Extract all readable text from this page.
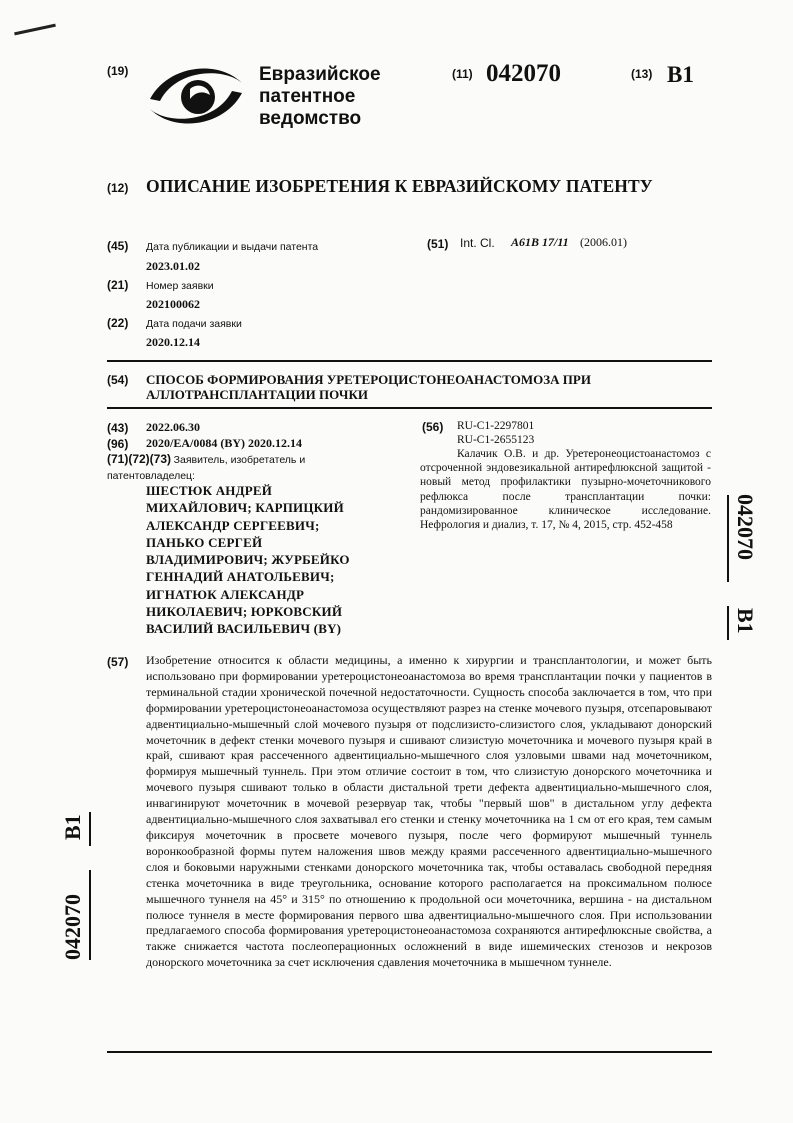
(19)	Евразийское
патентное
ведомство
(11) 042070	(13) B1
(12) ОПИСАНИЕ ИЗОБРЕТЕНИЯ К ЕВРАЗИЙСКОМУ ПАТЕНТУ
(45) Дата публикации и выдачи патента
2023.01.02
(21) Номер заявки
202100062
(22) Дата подачи заявки
2020.12.14
(51) Int. Cl. A61B 17/11 (2006.01)
(54) СПОСОБ ФОРМИРОВАНИЯ УРЕТЕРОЦИСТОНЕОАНАСТОМОЗА ПРИ АЛЛОТРАНСПЛАНТАЦИИ ПОЧКИ
(43) 2022.06.30
(96) 2020/EA/0084 (BY) 2020.12.14
(71)(72)(73) Заявитель, изобретатель и патентовладелец:
ШЕСТЮК АНДРЕЙ МИХАЙЛОВИЧ; КАРПИЦКИЙ АЛЕКСАНДР СЕРГЕЕВИЧ; ПАНЬКО СЕРГЕЙ ВЛАДИМИРОВИЧ; ЖУРБЕЙКО ГЕННАДИЙ АНАТОЛЬЕВИЧ; ИГНАТЮК АЛЕКСАНДР НИКОЛАЕВИЧ; ЮРКОВСКИЙ ВАСИЛИЙ ВАСИЛЬЕВИЧ (BY)
(56) RU-C1-2297801
RU-C1-2655123
Калачик О.В. и др. Уретеронеоцистоанастомоз с отсроченной эндовезикальной антирефлюксной защитой - новый метод профилактики пузырно-мочеточникового рефлюкса после трансплантации почки: рандомизированное клиническое исследование. Нефрология и диализ, т. 17, № 4, 2015, стр. 452-458
(57) Изобретение относится к области медицины, а именно к хирургии и трансплантологии, и может быть использовано при формировании уретероцистонеоанастомоза во время трансплантации почки у пациентов в терминальной стадии хронической почечной недостаточности. Сущность способа заключается в том, что при формировании уретероцистонеоанастомоза осуществляют разрез на стенке мочевого пузыря, отсепаровывают адвентициально-мышечный слой мочевого пузыря от подслизисто-слизистого слоя, укладывают донорский мочеточник в дефект стенки мочевого пузыря и сшивают слизистую мочеточника и мочевого пузыря край в край, сшивают края рассеченного адвентициально-мышечного слоя узловыми швами над мочеточником, формируя мышечный туннель. При этом отличие состоит в том, что слизистую донорского мочеточника и мочевого пузыря сшивают только в области дистальной трети дефекта адвентициально-мышечного слоя, инвагинируют мочеточник в мочевой резервуар так, чтобы "первый шов" в дистальном углу дефекта адвентициально-мышечного слоя захватывал его стенки и стенку мочеточника на 1 см от его края, тем самым фиксируя мочеточник в просвете мочевого пузыря, после чего формируют мышечный туннель воронкообразной формы путем наложения швов между краями рассеченного адвентициально-мышечного слоя и боковыми наружными стенками донорского мочеточника так, чтобы оставалась свободной передняя стенка мочеточника в виде треугольника, основание которого располагается на проксимальном полюсе мышечного туннеля на 45° и 315° по отношению к продольной оси мочеточника, вершина - на дистальном полюсе туннеля в месте формирования первого шва адвентициально-мышечного слоя. При использовании предлагаемого способа формирования уретероцистонеоанастомоза сохраняются антирефлюксные свойства, а также снижается частота послеоперационных осложнений в виде ишемических стенозов и некрозов донорского мочеточника за счет исключения сдавления мочеточника в мышечном туннеле.
042070
B1
B1
042070
